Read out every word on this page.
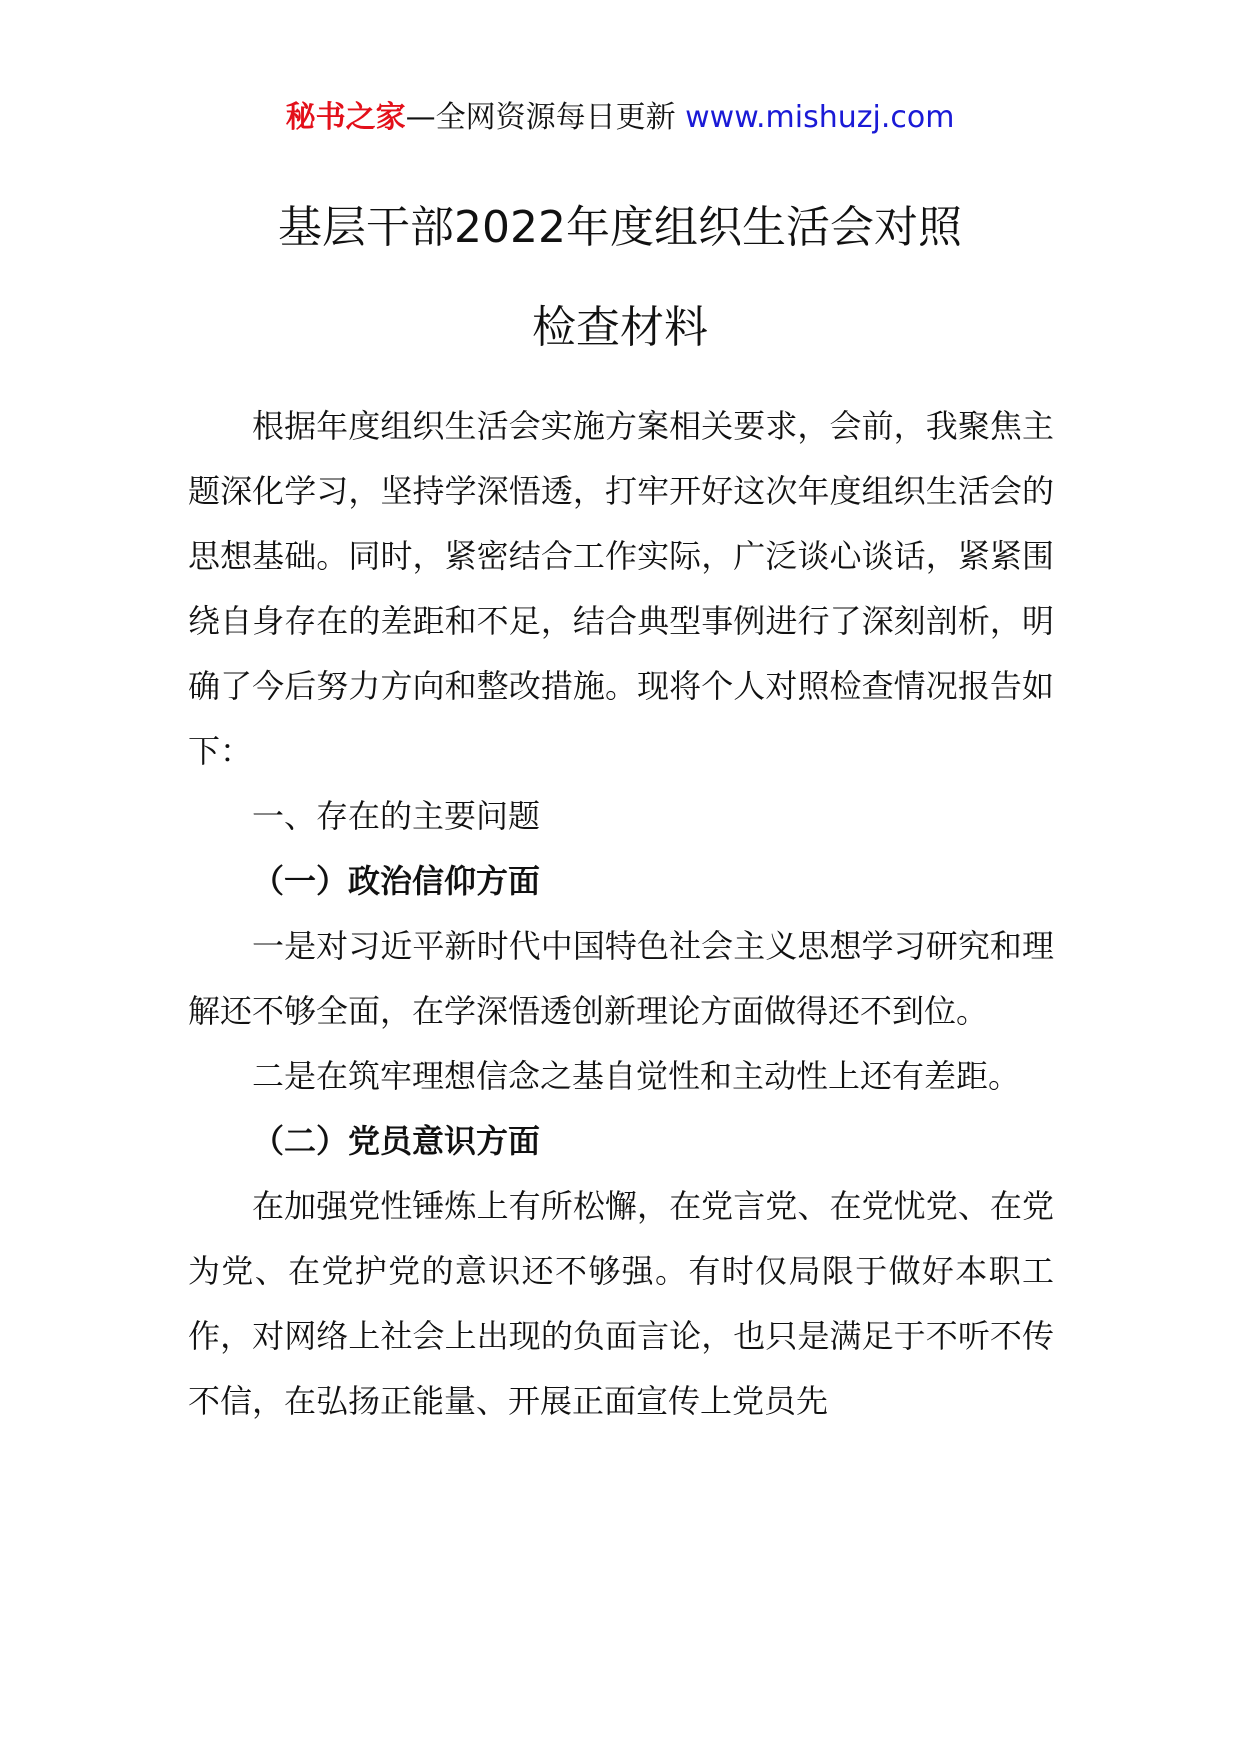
秘书之家—全网资源每日更新 www.mishuzj.com
基层干部2022年度组织生活会对照
检查材料

根据年度组织生活会实施方案相关要求，会前，我聚焦主题深化学习，坚持学深悟透，打牢开好这次年度组织生活会的思想基础。同时，紧密结合工作实际，广泛谈心谈话，紧紧围绕自身存在的差距和不足，结合典型事例进行了深刻剖析，明确了今后努力方向和整改措施。现将个人对照检查情况报告如下：

一、存在的主要问题

（一）政治信仰方面

一是对习近平新时代中国特色社会主义思想学习研究和理解还不够全面，在学深悟透创新理论方面做得还不到位。

二是在筑牢理想信念之基自觉性和主动性上还有差距。

（二）党员意识方面

在加强党性锤炼上有所松懈，在党言党、在党忧党、在党为党、在党护党的意识还不够强。有时仅局限于做好本职工作，对网络上社会上出现的负面言论，也只是满足于不听不传不信，在弘扬正能量、开展正面宣传上党员先
